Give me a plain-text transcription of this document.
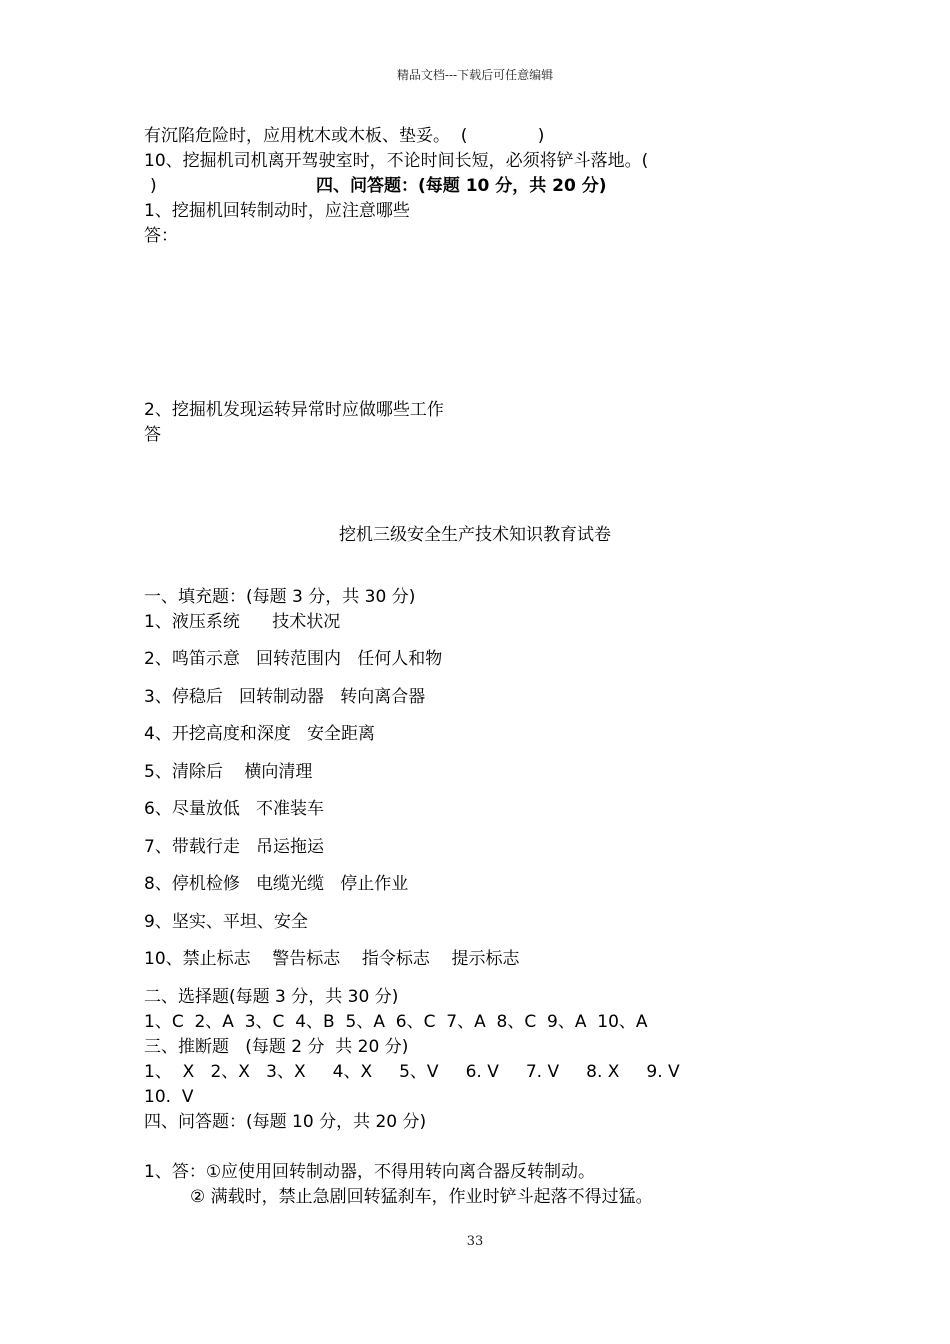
精品文档---下载后可任意编辑
有沉陷危险时，应用枕木或木板、垫妥。  (             )
10、挖掘机司机离开驾驶室时，不论时间长短，必须将铲斗落地。(
)	四、问答题：(每题 10 分，共 20 分)
1、挖掘机回转制动时，应注意哪些
答：
2、挖掘机发现运转异常时应做哪些工作
答
挖机三级安全生产技术知识教育试卷
一、填充题：(每题 3 分，共 30 分)
1、液压系统      技术状况
2、鸣笛示意   回转范围内   任何人和物
3、停稳后   回转制动器   转向离合器
4、开挖高度和深度   安全距离
5、清除后    横向清理
6、尽量放低   不准装车
7、带载行走   吊运拖运
8、停机检修   电缆光缆   停止作业
9、坚实、平坦、安全
10、禁止标志    警告标志    指令标志    提示标志
二、选择题(每题 3 分，共 30 分)
1、C  2、A  3、C  4、B  5、A  6、C  7、A  8、C  9、A  10、A
三、推断题   (每题 2 分  共 20 分)
1、  X   2、X   3、X     4、X     5、V     6. V     7. V     8. X     9. V
10.  V
四、问答题：(每题 10 分，共 20 分)
1、答：①应使用回转制动器，不得用转向离合器反转制动。
② 满载时，禁止急剧回转猛刹车，作业时铲斗起落不得过猛。
33
